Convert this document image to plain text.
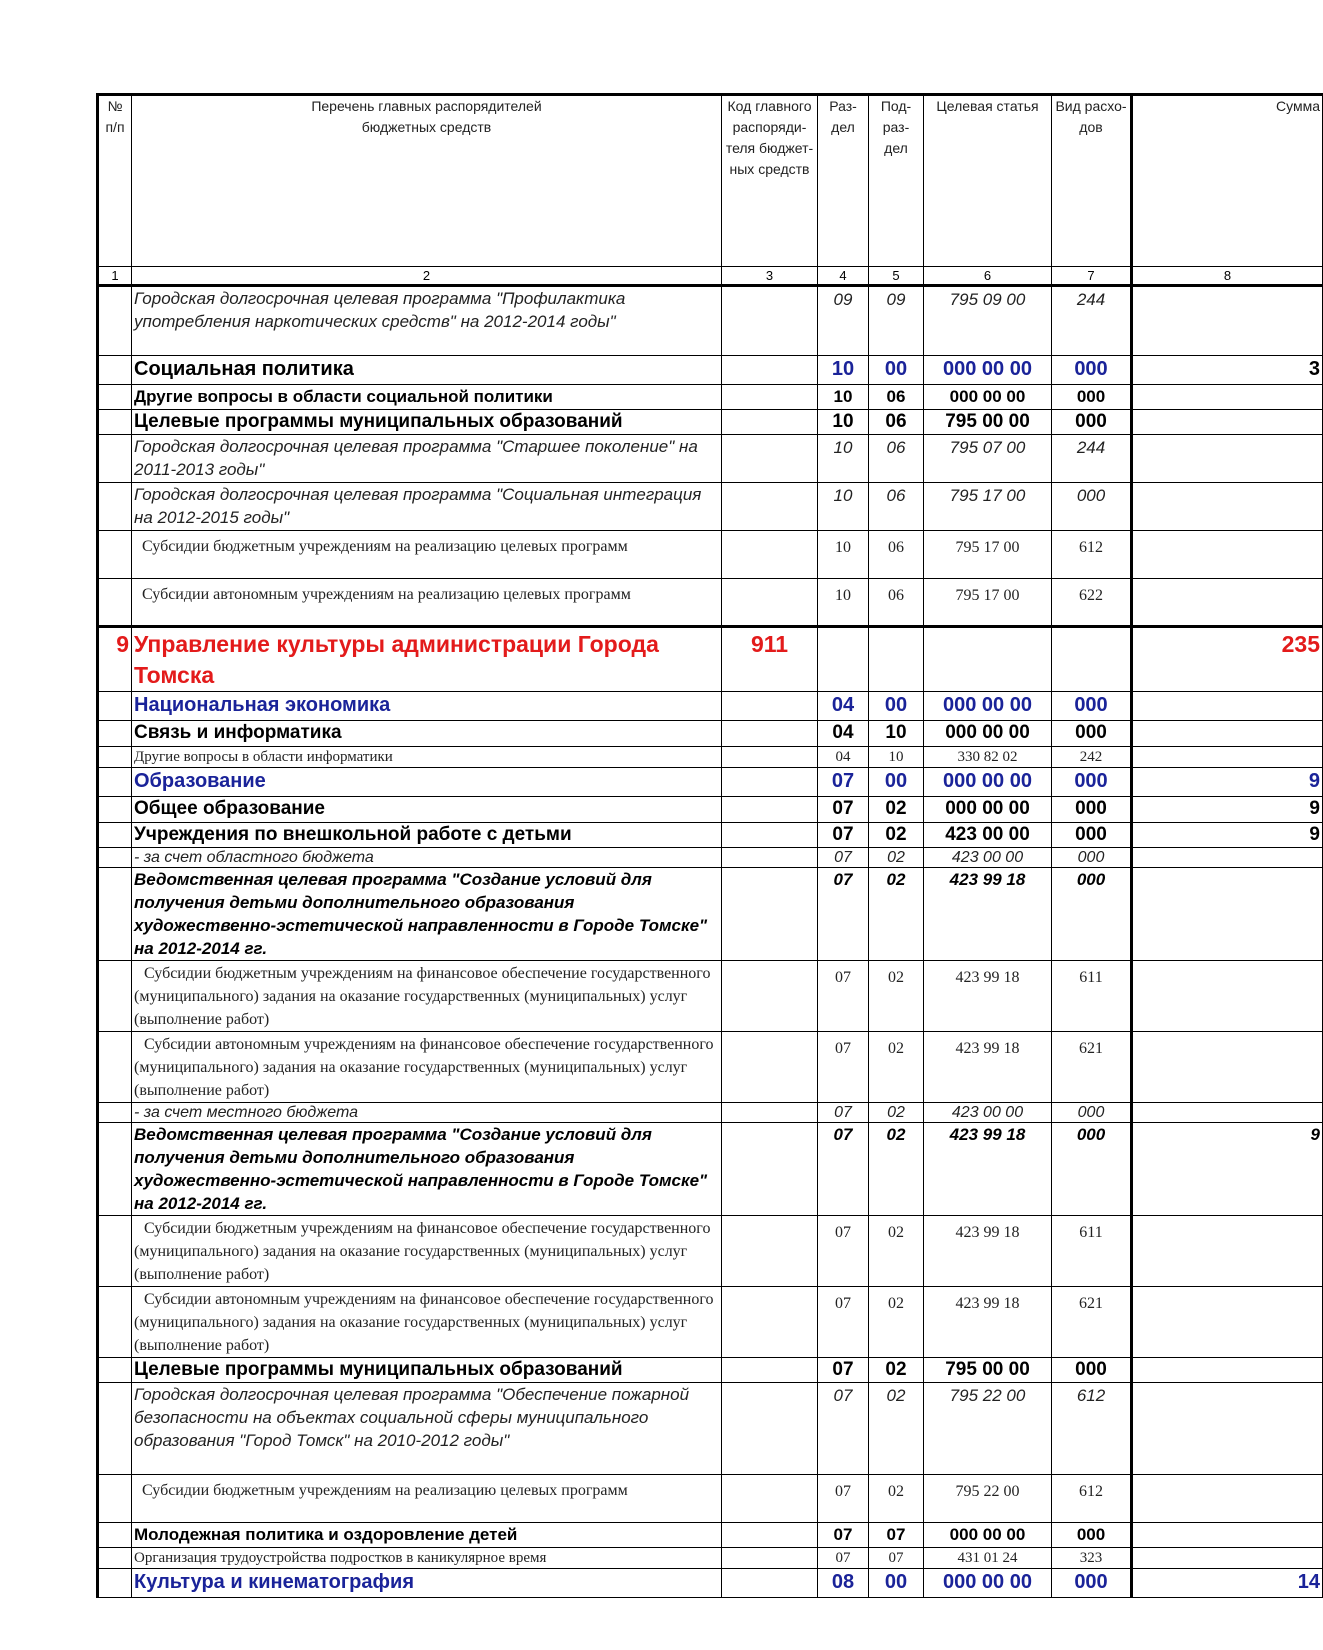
№ п/п	Перечень главных распорядителей бюджетных средств	Код главного распоряди-теля бюджет-ных средств	Раз-дел	Под-раз-дел	Целевая статья	Вид расхо-дов	Сумма
1	2	3	4	5	6	7	8
	Городская долгосрочная целевая программа "Профилактика употребления наркотических средств" на 2012-2014 годы"		09	09	795 09 00	244	
	Социальная политика		10	00	000 00 00	000	3
	Другие вопросы в области социальной политики		10	06	000 00 00	000	
	Целевые программы муниципальных образований		10	06	795 00 00	000	
	Городская долгосрочная целевая программа "Старшее поколение" на 2011-2013 годы"		10	06	795 07 00	244	
	Городская долгосрочная целевая программа "Социальная интеграция на 2012-2015 годы"		10	06	795 17 00	000	
	Субсидии бюджетным учреждениям на реализацию целевых программ		10	06	795 17 00	612	
	Субсидии автономным учреждениям на реализацию целевых программ		10	06	795 17 00	622	
9	Управление культуры администрации Города Томска	911					235
	Национальная экономика		04	00	000 00 00	000	
	Связь и информатика		04	10	000 00 00	000	
	Другие вопросы в области информатики		04	10	330 82 02	242	
	Образование		07	00	000 00 00	000	9
	Общее образование		07	02	000 00 00	000	9
	Учреждения по внешкольной работе с детьми		07	02	423 00 00	000	9
	- за счет областного бюджета		07	02	423 00 00	000	
	Ведомственная целевая программа "Создание условий для получения детьми дополнительного образования художественно-эстетической направленности в Городе Томске" на 2012-2014 гг.		07	02	423 99 18	000	
	Субсидии бюджетным учреждениям на финансовое обеспечение государственного (муниципального) задания на оказание государственных (муниципальных) услуг (выполнение работ)		07	02	423 99 18	611	
	Субсидии автономным учреждениям на финансовое обеспечение государственного (муниципального) задания на оказание государственных (муниципальных) услуг (выполнение работ)		07	02	423 99 18	621	
	- за счет местного бюджета		07	02	423 00 00	000	
	Ведомственная целевая программа "Создание условий для получения детьми дополнительного образования художественно-эстетической направленности в Городе Томске" на 2012-2014 гг.		07	02	423 99 18	000	9
	Субсидии бюджетным учреждениям на финансовое обеспечение государственного (муниципального) задания на оказание государственных (муниципальных) услуг (выполнение работ)		07	02	423 99 18	611	
	Субсидии автономным учреждениям на финансовое обеспечение государственного (муниципального) задания на оказание государственных (муниципальных) услуг (выполнение работ)		07	02	423 99 18	621	
	Целевые программы муниципальных образований		07	02	795 00 00	000	
	Городская долгосрочная целевая программа "Обеспечение пожарной безопасности на объектах социальной сферы муниципального образования "Город Томск" на 2010-2012 годы"		07	02	795 22 00	612	
	Субсидии бюджетным учреждениям на реализацию целевых программ		07	02	795 22 00	612	
	Молодежная политика и оздоровление детей		07	07	000 00 00	000	
	Организация трудоустройства подростков в каникулярное время		07	07	431 01 24	323	
	Культура и кинематография		08	00	000 00 00	000	14
